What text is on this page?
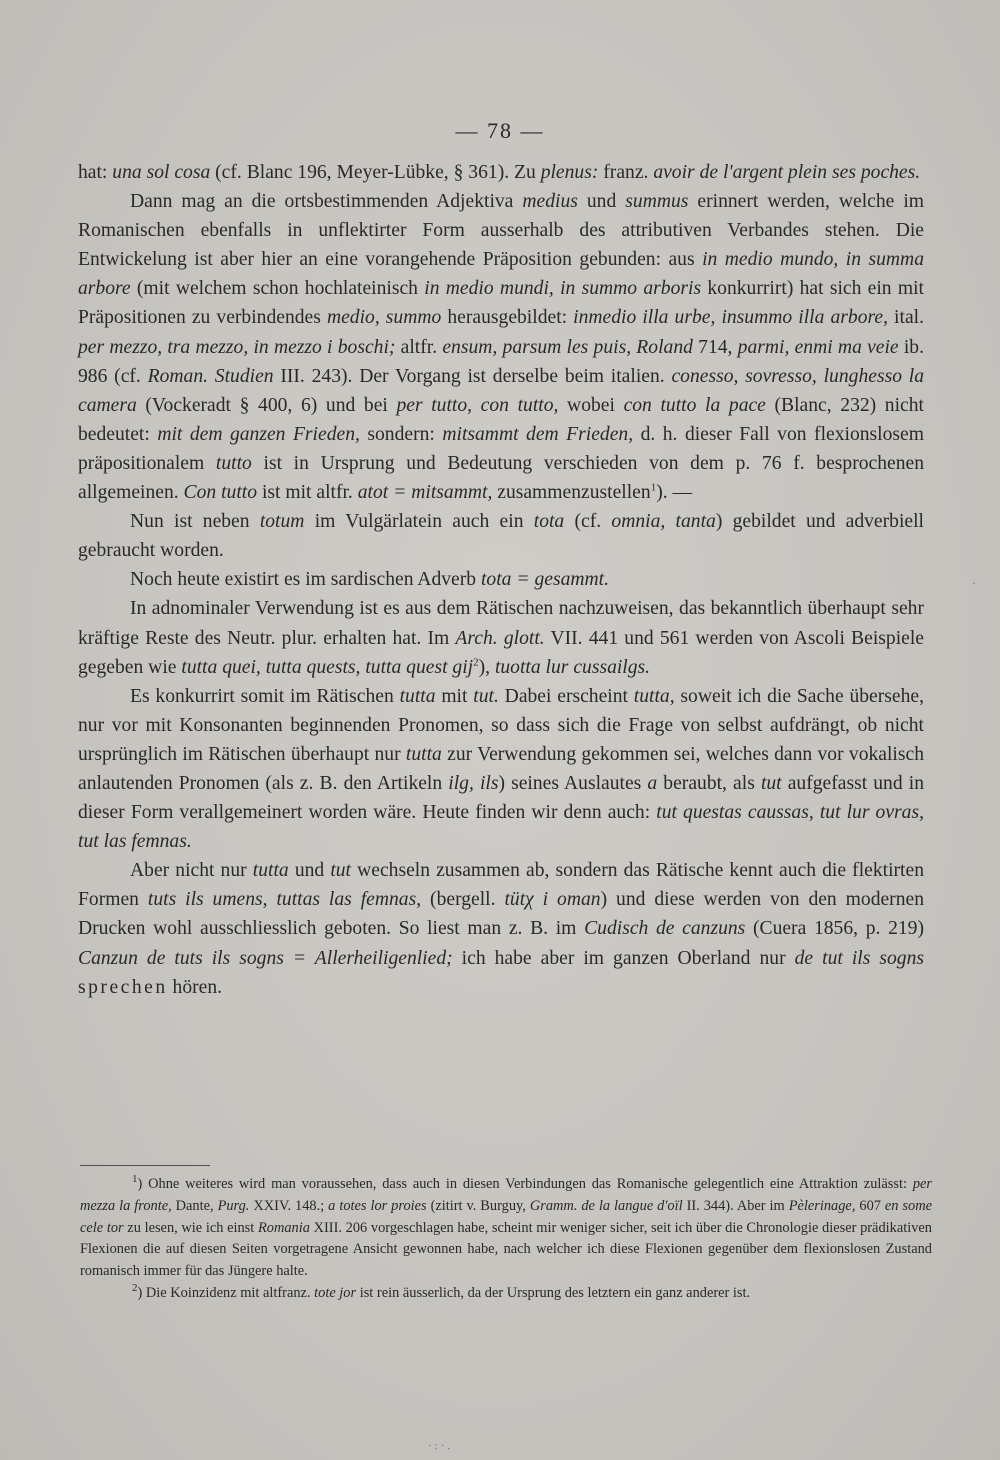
— 78 —

hat: una sol cosa (cf. Blanc 196, Meyer-Lübke, § 361). Zu plenus: franz. avoir de l'argent plein ses poches.

Dann mag an die ortsbestimmenden Adjektiva medius und summus erinnert werden, welche im Romanischen ebenfalls in unflektirter Form ausserhalb des attributiven Verbandes stehen. Die Entwickelung ist aber hier an eine vorangehende Präposition gebunden: aus in medio mundo, in summa arbore (mit welchem schon hochlateinisch in medio mundi, in summo arboris konkurrirt) hat sich ein mit Präpositionen zu verbindendes medio, summo herausgebildet: inmedio illa urbe, insummo illa arbore, ital. per mezzo, tra mezzo, in mezzo i boschi; altfr. ensum, parsum les puis, Roland 714, parmi, enmi ma veie ib. 986 (cf. Roman. Studien III. 243). Der Vorgang ist derselbe beim italien. conesso, sovresso, lunghesso la camera (Vockeradt § 400, 6) und bei per tutto, con tutto, wobei con tutto la pace (Blanc, 232) nicht bedeutet: mit dem ganzen Frieden, sondern: mitsammt dem Frieden, d. h. dieser Fall von flexionslosem präpositionalem tutto ist in Ursprung und Bedeutung verschieden von dem p. 76 f. besprochenen allgemeinen. Con tutto ist mit altfr. atot = mitsammt, zusammenzustellen$^1$). —

Nun ist neben totum im Vulgärlatein auch ein tota (cf. omnia, tanta) gebildet und adverbiell gebraucht worden.

Noch heute existirt es im sardischen Adverb tota = gesammt.

In adnominaler Verwendung ist es aus dem Rätischen nachzuweisen, das bekanntlich überhaupt sehr kräftige Reste des Neutr. plur. erhalten hat. Im Arch. glott. VII. 441 und 561 werden von Ascoli Beispiele gegeben wie tutta quei, tutta quests, tutta quest gij$^2$), tuotta lur cussailgs.

Es konkurrirt somit im Rätischen tutta mit tut. Dabei erscheint tutta, soweit ich die Sache übersehe, nur vor mit Konsonanten beginnenden Pronomen, so dass sich die Frage von selbst aufdrängt, ob nicht ursprünglich im Rätischen überhaupt nur tutta zur Verwendung gekommen sei, welches dann vor vokalisch anlautenden Pronomen (als z. B. den Artikeln ilg, ils) seines Auslautes a beraubt, als tut aufgefasst und in dieser Form verallgemeinert worden wäre. Heute finden wir denn auch: tut questas caussas, tut lur ovras, tut las femnas.

Aber nicht nur tutta und tut wechseln zusammen ab, sondern das Rätische kennt auch die flektirten Formen tuts ils umens, tuttas las femnas, (bergell. tütχ i oman) und diese werden von den modernen Drucken wohl ausschliesslich geboten. So liest man z. B. im Cudisch de canzuns (Cuera 1856, p. 219) Canzun de tuts ils sogns = Allerheiligenlied; ich habe aber im ganzen Oberland nur de tut ils sogns sprechen hören.

$^1$) Ohne weiteres wird man voraussehen, dass auch in diesen Verbindungen das Romanische gelegentlich eine Attraktion zulässt: per mezza la fronte, Dante, Purg. XXIV. 148.; a totes lor proies (zitirt v. Burguy, Gramm. de la langue d'oïl II. 344). Aber im Pèlerinage, 607 en some cele tor zu lesen, wie ich einst Romania XIII. 206 vorgeschlagen habe, scheint mir weniger sicher, seit ich über die Chronologie dieser prädikativen Flexionen die auf diesen Seiten vorgetragene Ansicht gewonnen habe, nach welcher ich diese Flexionen gegenüber dem flexionslosen Zustand romanisch immer für das Jüngere halte.

$^2$) Die Koinzidenz mit altfranz. tote jor ist rein äusserlich, da der Ursprung des letztern ein ganz anderer ist.

·
·:·.
